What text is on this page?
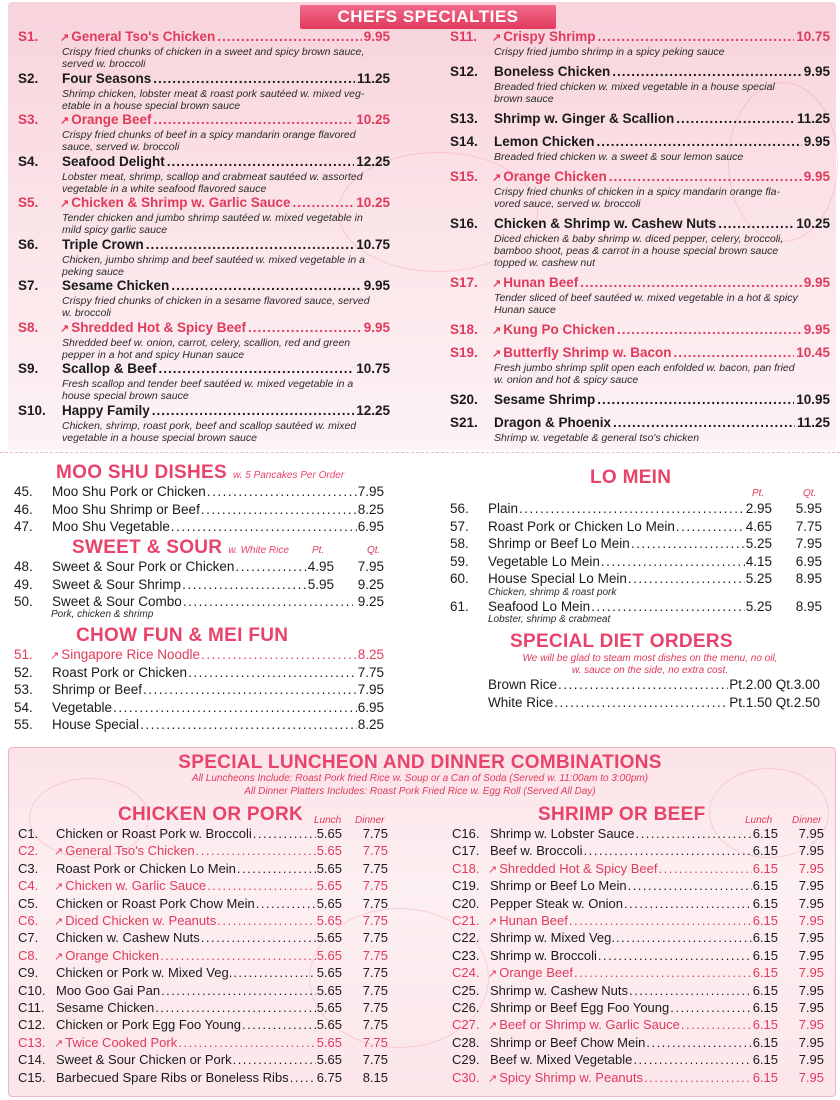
CHEFS SPECIALTIES
S1.	↗ General Tso's Chicken .....	9.95
Crispy fried chunks of chicken in a sweet and spicy brown sauce,
served w. broccoli
S2.	Four Seasons .....	11.25
Shrimp chicken, lobster meat & roast pork sautéed w. mixed veg-
etable in a house special brown sauce
S3.	↗ Orange Beef .....	10.25
Crispy fried chunks of beef in a spicy mandarin orange flavored
sauce, served w. broccoli
S4.	Seafood Delight .....	12.25
Lobster meat, shrimp, scallop and crabmeat sautéed w. assorted
vegetable in a white seafood flavored sauce
S5.	↗ Chicken & Shrimp w. Garlic Sauce .....	10.25
Tender chicken and jumbo shrimp sautéed w. mixed vegetable in
mild spicy garlic sauce
S6.	Triple Crown .....	10.75
Chicken, jumbo shrimp and beef sautéed w. mixed vegetable in a
peking sauce
S7.	Sesame Chicken .....	9.95
Crispy fried chunks of chicken in a sesame flavored sauce, served
w. broccoli
S8.	↗ Shredded Hot & Spicy Beef .....	9.95
Shredded beef w. onion, carrot, celery, scallion, red and green
pepper in a hot and spicy Hunan sauce
S9.	Scallop & Beef .....	10.75
Fresh scallop and tender beef sautéed w. mixed vegetable in a
house special brown sauce
S10.	Happy Family .....	12.25
Chicken, shrimp, roast pork, beef and scallop sautéed w. mixed
vegetable in a house special brown sauce
S11.	↗ Crispy Shrimp .....	10.75
Crispy fried jumbo shrimp in a spicy peking sauce
S12.	Boneless Chicken .....	9.95
Breaded fried chicken w. mixed vegetable in a house special
brown sauce
S13.	Shrimp w. Ginger & Scallion .....	11.25
S14.	Lemon Chicken .....	9.95
Breaded fried chicken w. a sweet & sour lemon sauce
S15.	↗ Orange Chicken .....	9.95
Crispy fried chunks of chicken in a spicy mandarin orange fla-
vored sauce, served w. broccoli
S16.	Chicken & Shrimp w. Cashew Nuts .....	10.25
Diced chicken & baby shrimp w. diced pepper, celery, broccoli,
bamboo shoot, peas & carrot in a house special brown sauce
topped w. cashew nut
S17.	↗ Hunan Beef .....	9.95
Tender sliced of beef sautéed w. mixed vegetable in a hot & spicy
Hunan sauce
S18.	↗ Kung Po Chicken .....	9.95
S19.	↗ Butterfly Shrimp w. Bacon .....	10.45
Fresh jumbo shrimp split open each enfolded w. bacon, pan fried
w. onion and hot & spicy sauce
S20.	Sesame Shrimp .....	10.95
S21.	Dragon & Phoenix .....	11.25
Shrimp w. vegetable & general tso's chicken
MOO SHU DISHES w. 5 Pancakes Per Order
45.	Moo Shu Pork or Chicken .....	7.95
46.	Moo Shu Shrimp or Beef .....	8.25
47.	Moo Shu Vegetable .....	6.95
SWEET & SOUR w. White Rice Pt.	Qt.
48.	Sweet & Sour Pork or Chicken .....	4.95	7.95
49.	Sweet & Sour Shrimp .....	5.95	9.25
50.	Sweet & Sour Combo .....	9.25
Pork, chicken & shrimp
CHOW FUN & MEI FUN
51.	↗ Singapore Rice Noodle .....	8.25
52.	Roast Pork or Chicken .....	7.75
53.	Shrimp or Beef .....	7.95
54.	Vegetable .....	6.95
55.	House Special .....	8.25
LO MEIN
Pt.	Qt.
56.	Plain .....	2.95	5.95
57.	Roast Pork or Chicken Lo Mein .....	4.65	7.75
58.	Shrimp or Beef Lo Mein .....	5.25	7.95
59.	Vegetable Lo Mein .....	4.15	6.95
60.	House Special Lo Mein .....	5.25	8.95
Chicken, shrimp & roast pork
61.	Seafood Lo Mein .....	5.25	8.95
Lobster, shrimp & crabmeat
SPECIAL DIET ORDERS
We will be glad to steam most dishes on the menu, no oil,
w. sauce on the side, no extra cost.
Brown Rice .....	Pt.2.00 Qt.3.00
White Rice .....	Pt.1.50 Qt.2.50
SPECIAL LUNCHEON AND DINNER COMBINATIONS
All Luncheons Include: Roast Pork fried Rice w. Soup or a Can of Soda (Served w. 11:00am to 3:00pm)
All Dinner Platters Includes: Roast Pork Fried Rice w. Egg Roll (Served All Day)
CHICKEN OR PORK Lunch Dinner	SHRIMP OR BEEF	Lunch Dinner
C1.	Chicken or Roast Pork w. Broccoli .....	5.65	7.75
C2.	↗ General Tso's Chicken .....	5.65	7.75
C3.	Roast Pork or Chicken Lo Mein .....	5.65	7.75
C4.	↗ Chicken w. Garlic Sauce .....	5.65	7.75
C5.	Chicken or Roast Pork Chow Mein .....	5.65	7.75
C6.	↗ Diced Chicken w. Peanuts .....	5.65	7.75
C7.	Chicken w. Cashew Nuts .....	5.65	7.75
C8.	↗ Orange Chicken .....	5.65	7.75
C9.	Chicken or Pork w. Mixed Veg. .....	5.65	7.75
C10. Moo Goo Gai Pan .....	5.65	7.75
C11. Sesame Chicken .....	5.65	7.75
C12. Chicken or Pork Egg Foo Young .....	5.65	7.75
C13. ↗ Twice Cooked Pork .....	5.65	7.75
C14. Sweet & Sour Chicken or Pork .....	5.65	7.75
C15. Barbecued Spare Ribs or Boneless Ribs ..... 6.75	8.15
C16. Shrimp w. Lobster Sauce .....	6.15	7.95
C17. Beef w. Broccoli .....	6.15	7.95
C18. ↗ Shredded Hot & Spicy Beef .....	6.15	7.95
C19. Shrimp or Beef Lo Mein .....	6.15	7.95
C20. Pepper Steak w. Onion .....	6.15	7.95
C21. ↗ Hunan Beef .....	6.15	7.95
C22. Shrimp w. Mixed Veg. .....	6.15	7.95
C23. Shrimp w. Broccoli .....	6.15	7.95
C24. ↗ Orange Beef .....	6.15	7.95
C25. Shrimp w. Cashew Nuts .....	6.15	7.95
C26. Shrimp or Beef Egg Foo Young .....	6.15	7.95
C27. ↗ Beef or Shrimp w. Garlic Sauce .....	6.15	7.95
C28. Shrimp or Beef Chow Mein .....	6.15	7.95
C29. Beef w. Mixed Vegetable .....	6.15	7.95
C30. ↗ Spicy Shrimp w. Peanuts .....	6.15	7.95
